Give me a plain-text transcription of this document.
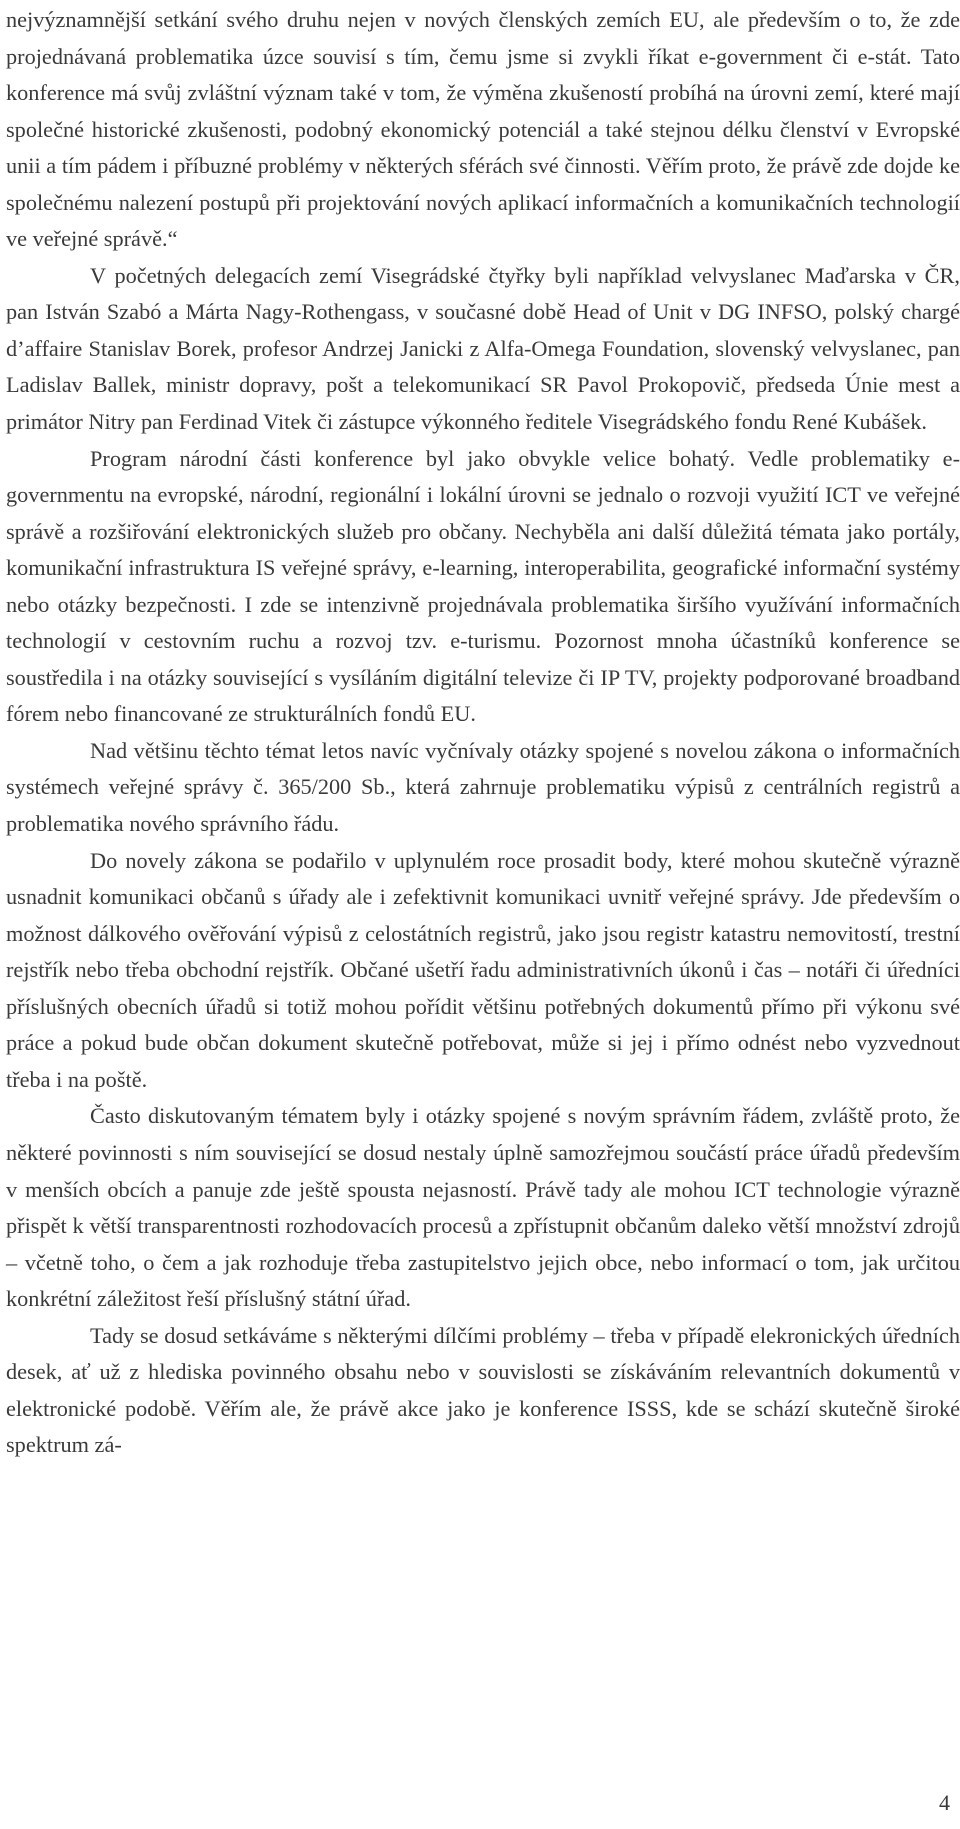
nejvýznamnější setkání svého druhu nejen v nových členských zemích EU, ale především o to, že zde projednávaná problematika úzce souvisí s tím, čemu jsme si zvykli říkat e-government či e-stát. Tato konference má svůj zvláštní význam také v tom, že výměna zkušeností probíhá na úrovni zemí, které mají společné historické zkušenosti, podobný ekonomický potenciál a také stejnou délku členství v Evropské unii a tím pádem i příbuzné problémy v některých sférách své činnosti. Věřím proto, že právě zde dojde ke společnému nalezení postupů při projektování nových aplikací informačních a komunikačních technologií ve veřejné správě.“

V početných delegacích zemí Visegrádské čtyřky byli například velvyslanec Maďarska v ČR, pan István Szabó a Márta Nagy-Rothengass, v současné době Head of Unit v DG INFSO, polský chargé d’affaire Stanislav Borek, profesor Andrzej Janicki z Alfa-Omega Foundation, slovenský velvyslanec, pan Ladislav Ballek, ministr dopravy, pošt a telekomunikací SR Pavol Prokopovič, předseda Únie mest a primátor Nitry pan Ferdinad Vitek či zástupce výkonného ředitele Visegrádského fondu René Kubášek.

Program národní části konference byl jako obvykle velice bohatý. Vedle problematiky e-governmentu na evropské, národní, regionální i lokální úrovni se jednalo o rozvoji využití ICT ve veřejné správě a rozšiřování elektronických služeb pro občany. Nechyběla ani další důležitá témata jako portály, komunikační infrastruktura IS veřejné správy, e-learning, interoperabilita, geografické informační systémy nebo otázky bezpečnosti. I zde se intenzivně projednávala problematika širšího využívání informačních technologií v cestovním ruchu a rozvoj tzv. e-turismu. Pozornost mnoha účastníků konference se soustředila i na otázky související s vysíláním digitální televize či IP TV, projekty podporované broadband fórem nebo financované ze strukturálních fondů EU.

Nad většinu těchto témat letos navíc vyčnívaly otázky spojené s novelou zákona o informačních systémech veřejné správy č. 365/200 Sb., která zahrnuje problematiku výpisů z centrálních registrů a problematika nového správního řádu.

Do novely zákona se podařilo v uplynulém roce prosadit body, které mohou skutečně výrazně usnadnit komunikaci občanů s úřady ale i zefektivnit komunikaci uvnitř veřejné správy. Jde především o možnost dálkového ověřování výpisů z celostátních registrů, jako jsou registr katastru nemovitostí, trestní rejstřík nebo třeba obchodní rejstřík. Občané ušetří řadu administrativních úkonů i čas – notáři či úředníci příslušných obecních úřadů si totiž mohou pořídit většinu potřebných dokumentů přímo při výkonu své práce a pokud bude občan dokument skutečně potřebovat, může si jej i přímo odnést nebo vyzvednout třeba i na poště.

Často diskutovaným tématem byly i otázky spojené s novým správním řádem, zvláště proto, že některé povinnosti s ním související se dosud nestaly úplně samozřejmou součástí práce úřadů především v menších obcích a panuje zde ještě spousta nejasností. Právě tady ale mohou ICT technologie výrazně přispět k větší transparentnosti rozhodovacích procesů a zpřístupnit občanům daleko větší množství zdrojů – včetně toho, o čem a jak rozhoduje třeba zastupitelstvo jejich obce, nebo informací o tom, jak určitou konkrétní záležitost řeší příslušný státní úřad.

Tady se dosud setkáváme s některými dílčími problémy – třeba v případě elekronických úředních desek, ať už z hlediska povinného obsahu nebo v souvislosti se získáváním relevantních dokumentů v elektronické podobě. Věřím ale, že právě akce jako je konference ISSS, kde se schází skutečně široké spektrum zá-

4
